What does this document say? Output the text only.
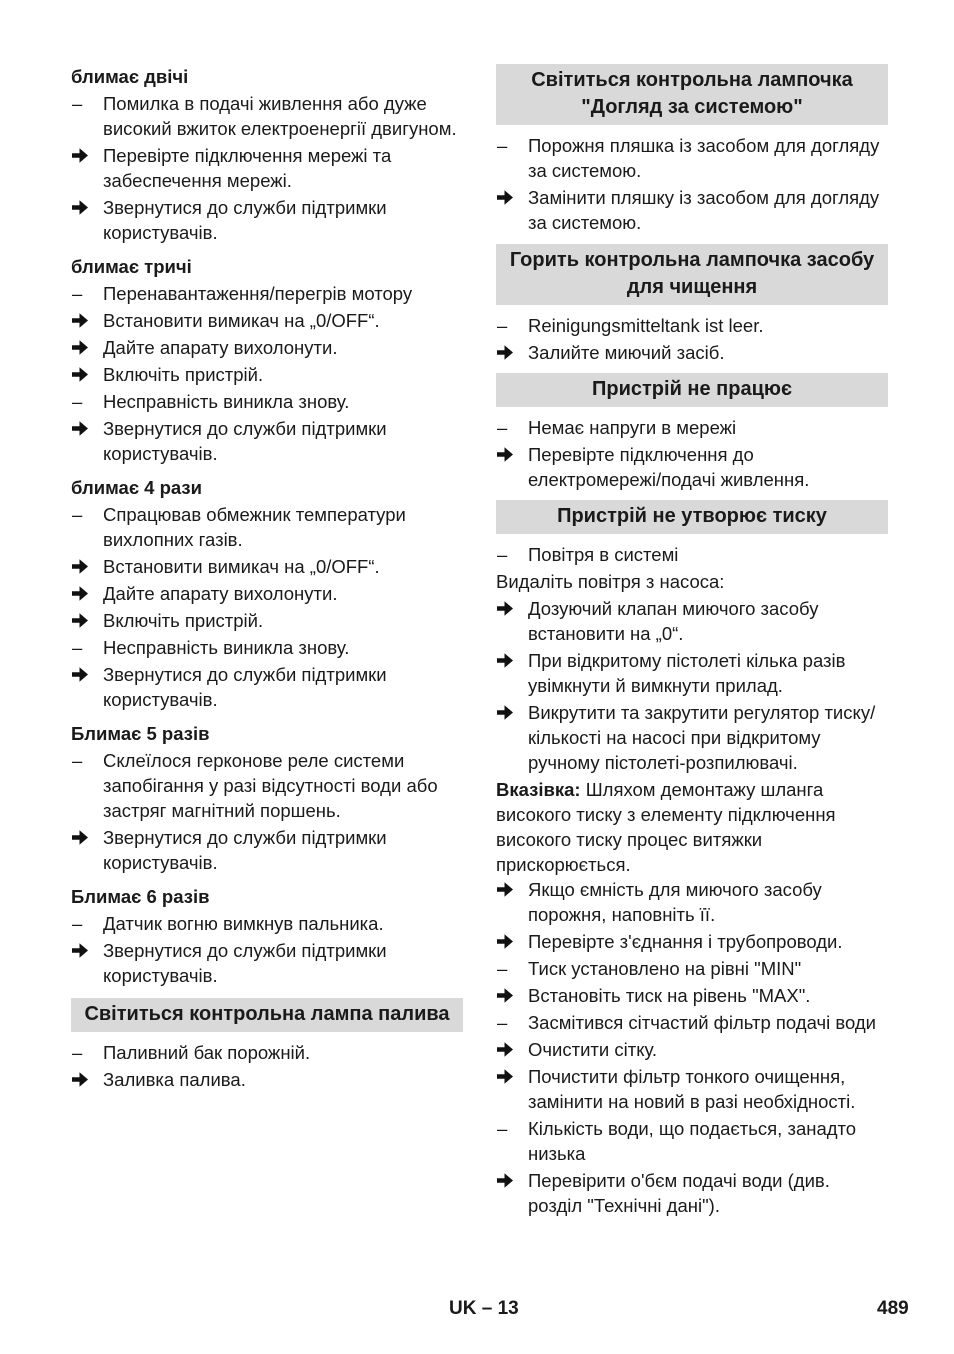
блимає двічі
– Помилка в подачі живлення або дуже високий вжиток електроенергії двигуном.
Перевірте підключення мережі та забеспечення мережі.
Звернутися до служби підтримки користувачів.
блимає тричі
– Перенавантаження/перегрів мотору
Встановити вимикач на „0/OFF“.
Дайте апарату вихолонути.
Включіть пристрій.
– Несправність виникла знову.
Звернутися до служби підтримки користувачів.
блимає 4 рази
– Спрацював обмежник температури вихлопних газів.
Встановити вимикач на „0/OFF“.
Дайте апарату вихолонути.
Включіть пристрій.
– Несправність виникла знову.
Звернутися до служби підтримки користувачів.
Блимає 5 разів
– Склеїлося герконове реле системи запобігання у разі відсутності води або застряг магнітний поршень.
Звернутися до служби підтримки користувачів.
Блимає 6 разів
– Датчик вогню вимкнув пальника.
Звернутися до служби підтримки користувачів.
Світиться контрольна лампа палива
– Паливний бак порожній.
Заливка палива.
Світиться контрольна лампочка "Догляд за системою"
– Порожня пляшка із засобом для догляду за системою.
Замінити пляшку із засобом для догляду за системою.
Горить контрольна лампочка засобу для чищення
– Reinigungsmitteltank ist leer.
Залийте миючий засіб.
Пристрій не працює
– Немає напруги в мережі
Перевірте підключення до електромережі/подачі живлення.
Пристрій не утворює тиску
– Повітря в системі
Видаліть повітря з насоса:
Дозуючий клапан миючого засобу встановити на „0“.
При відкритому пістолеті кілька разів увімкнути й вимкнути прилад.
Викрутити та закрутити регулятор тиску/кількості на насосі при відкритому ручному пістолеті-розпилювачі.
Вказівка: Шляхом демонтажу шланга високого тиску з елементу підключення високого тиску процес витяжки прискорюється.
Якщо ємність для миючого засобу порожня, наповніть її.
Перевірте з'єднання і трубопроводи.
– Тиск установлено на рівні "MIN"
Встановіть тиск на рівень "MAX".
– Засмітився сітчастий фільтр подачі води
Очистити сітку.
Почистити фільтр тонкого очищення, замінити на новий в разі необхідності.
– Кількість води, що подається, занадто низька
Перевірити о'бєм подачі води (див. розділ "Технічні дані").
UK – 13	489
